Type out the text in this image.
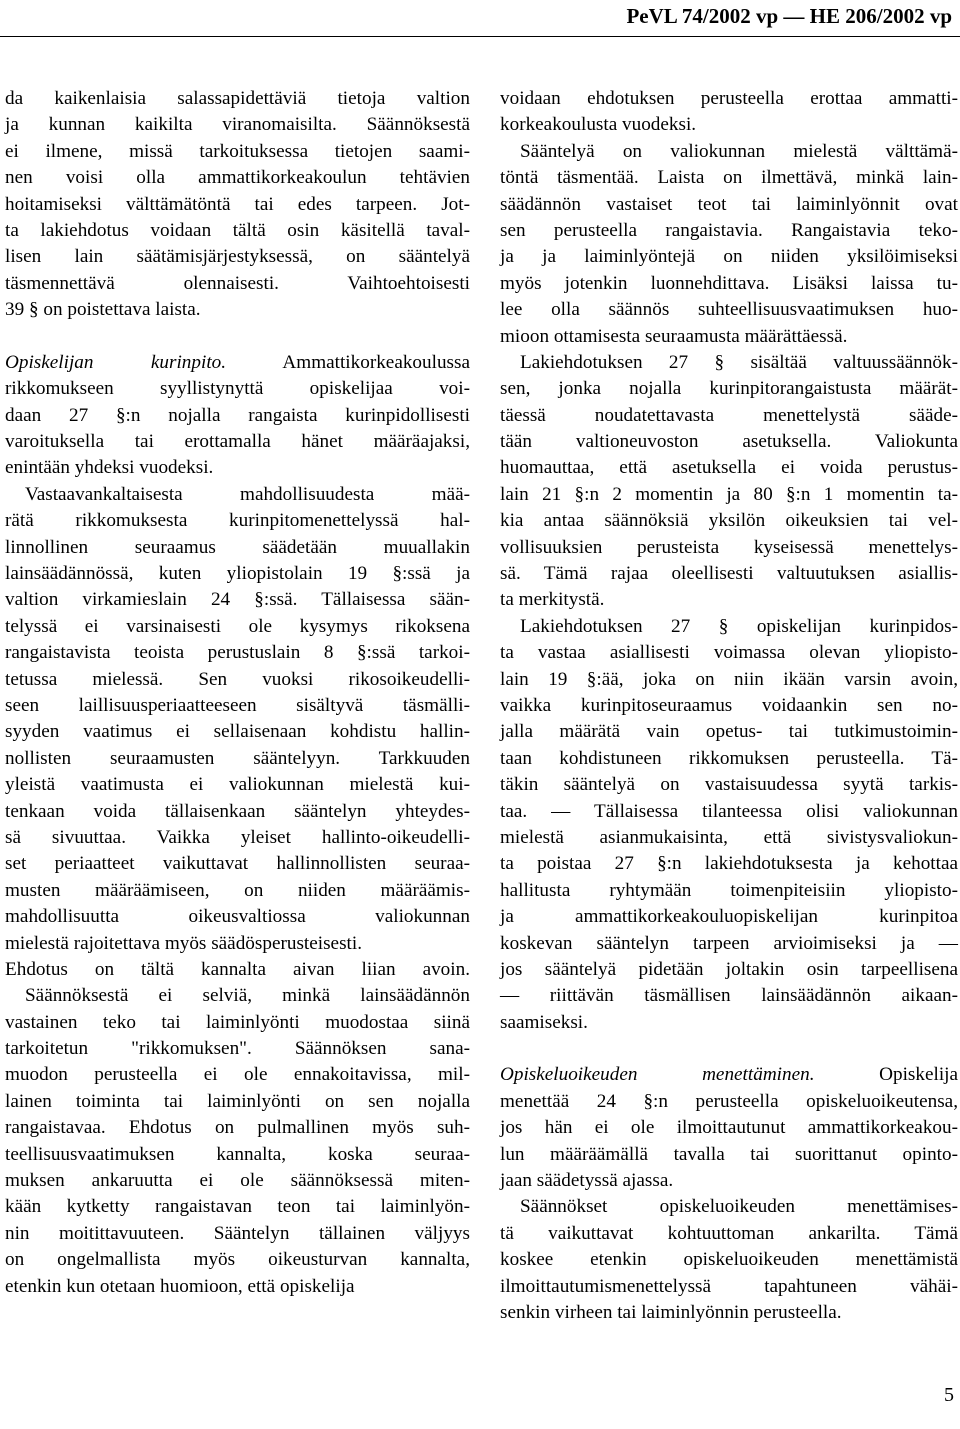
PeVL 74/2002 vp — HE 206/2002 vp
da kaikenlaisia salassapidettäviä tietoja valtion
ja kunnan kaikilta viranomaisilta. Säännöksestä
ei ilmene, missä tarkoituksessa tietojen saami-
nen voisi olla ammattikorkeakoulun tehtävien
hoitamiseksi välttämätöntä tai edes tarpeen. Jot-
ta lakiehdotus voidaan tältä osin käsitellä taval-
lisen lain säätämisjärjestyksessä, on sääntelyä
täsmennettävä olennaisesti. Vaihtoehtoisesti
39 § on poistettava laista.
Opiskelijan kurinpito. Ammattikorkeakoulussa
rikkomukseen syyllistynyttä opiskelijaa voi-
daan 27 §:n nojalla rangaista kurinpidollisesti
varoituksella tai erottamalla hänet määräajaksi,
enintään yhdeksi vuodeksi.
Vastaavankaltaisesta mahdollisuudesta mää-
rätä rikkomuksesta kurinpitomenettelyssä hal-
linnollinen seuraamus säädetään muuallakin
lainsäädännössä, kuten yliopistolain 19 §:ssä ja
valtion virkamieslain 24 §:ssä. Tällaisessa sään-
telyssä ei varsinaisesti ole kysymys rikoksena
rangaistavista teoista perustuslain 8 §:ssä tarkoi-
tetussa mielessä. Sen vuoksi rikosoikeudelli-
seen laillisuusperiaatteeseen sisältyvä täsmälli-
syyden vaatimus ei sellaisenaan kohdistu hallin-
nollisten seuraamusten sääntelyyn. Tarkkuuden
yleistä vaatimusta ei valiokunnan mielestä kui-
tenkaan voida tällaisenkaan sääntelyn yhteydes-
sä sivuuttaa. Vaikka yleiset hallinto-oikeudelli-
set periaatteet vaikuttavat hallinnollisten seuraa-
musten määräämiseen, on niiden määräämis-
mahdollisuutta oikeusvaltiossa valiokunnan
mielestä rajoitettava myös säädösperusteisesti.
Ehdotus on tältä kannalta aivan liian avoin.
Säännöksestä ei selviä, minkä lainsäädännön
vastainen teko tai laiminlyönti muodostaa siinä
tarkoitetun "rikkomuksen". Säännöksen sana-
muodon perusteella ei ole ennakoitavissa, mil-
lainen toiminta tai laiminlyönti on sen nojalla
rangaistavaa. Ehdotus on pulmallinen myös suh-
teellisuusvaatimuksen kannalta, koska seuraa-
muksen ankaruutta ei ole säännöksessä miten-
kään kytketty rangaistavan teon tai laiminlyön-
nin moitittavuuteen. Sääntelyn tällainen väljyys
on ongelmallista myös oikeusturvan kannalta,
etenkin kun otetaan huomioon, että opiskelija
voidaan ehdotuksen perusteella erottaa ammatti-
korkeakoulusta vuodeksi.
Sääntelyä on valiokunnan mielestä välttämä-
töntä täsmentää. Laista on ilmettävä, minkä lain-
säädännön vastaiset teot tai laiminlyönnit ovat
sen perusteella rangaistavia. Rangaistavia teko-
ja ja laiminlyöntejä on niiden yksilöimiseksi
myös jotenkin luonnehdittava. Lisäksi laissa tu-
lee olla säännös suhteellisuusvaatimuksen huo-
mioon ottamisesta seuraamusta määrättäessä.
Lakiehdotuksen 27 § sisältää valtuussäännök-
sen, jonka nojalla kurinpitorangaistusta määrät-
täessä noudatettavasta menettelystä sääde-
tään valtioneuvoston asetuksella. Valiokunta
huomauttaa, että asetuksella ei voida perustus-
lain 21 §:n 2 momentin ja 80 §:n 1 momentin ta-
kia antaa säännöksiä yksilön oikeuksien tai vel-
vollisuuksien perusteista kyseisessä menettelys-
sä. Tämä rajaa oleellisesti valtuutuksen asiallis-
ta merkitystä.
Lakiehdotuksen 27 § opiskelijan kurinpidos-
ta vastaa asiallisesti voimassa olevan yliopisto-
lain 19 §:ää, joka on niin ikään varsin avoin,
vaikka kurinpitoseuraamus voidaankin sen no-
jalla määrätä vain opetus- tai tutkimustoimin-
taan kohdistuneen rikkomuksen perusteella. Tä-
täkin sääntelyä on vastaisuudessa syytä tarkis-
taa. — Tällaisessa tilanteessa olisi valiokunnan
mielestä asianmukaisinta, että sivistysvaliokun-
ta poistaa 27 §:n lakiehdotuksesta ja kehottaa
hallitusta ryhtymään toimenpiteisiin yliopisto-
ja ammattikorkeakouluopiskelijan kurinpitoa
koskevan sääntelyn tarpeen arvioimiseksi ja —
jos sääntelyä pidetään joltakin osin tarpeellisena
— riittävän täsmällisen lainsäädännön aikaan-
saamiseksi.
Opiskeluoikeuden menettäminen. Opiskelija
menettää 24 §:n perusteella opiskeluoikeutensa,
jos hän ei ole ilmoittautunut ammattikorkeakou-
lun määräämällä tavalla tai suorittanut opinto-
jaan säädetyssä ajassa.
Säännökset opiskeluoikeuden menettämises-
tä vaikuttavat kohtuuttoman ankarilta. Tämä
koskee etenkin opiskeluoikeuden menettämistä
ilmoittautumismenettelyssä tapahtuneen vähäi-
senkin virheen tai laiminlyönnin perusteella.
5
